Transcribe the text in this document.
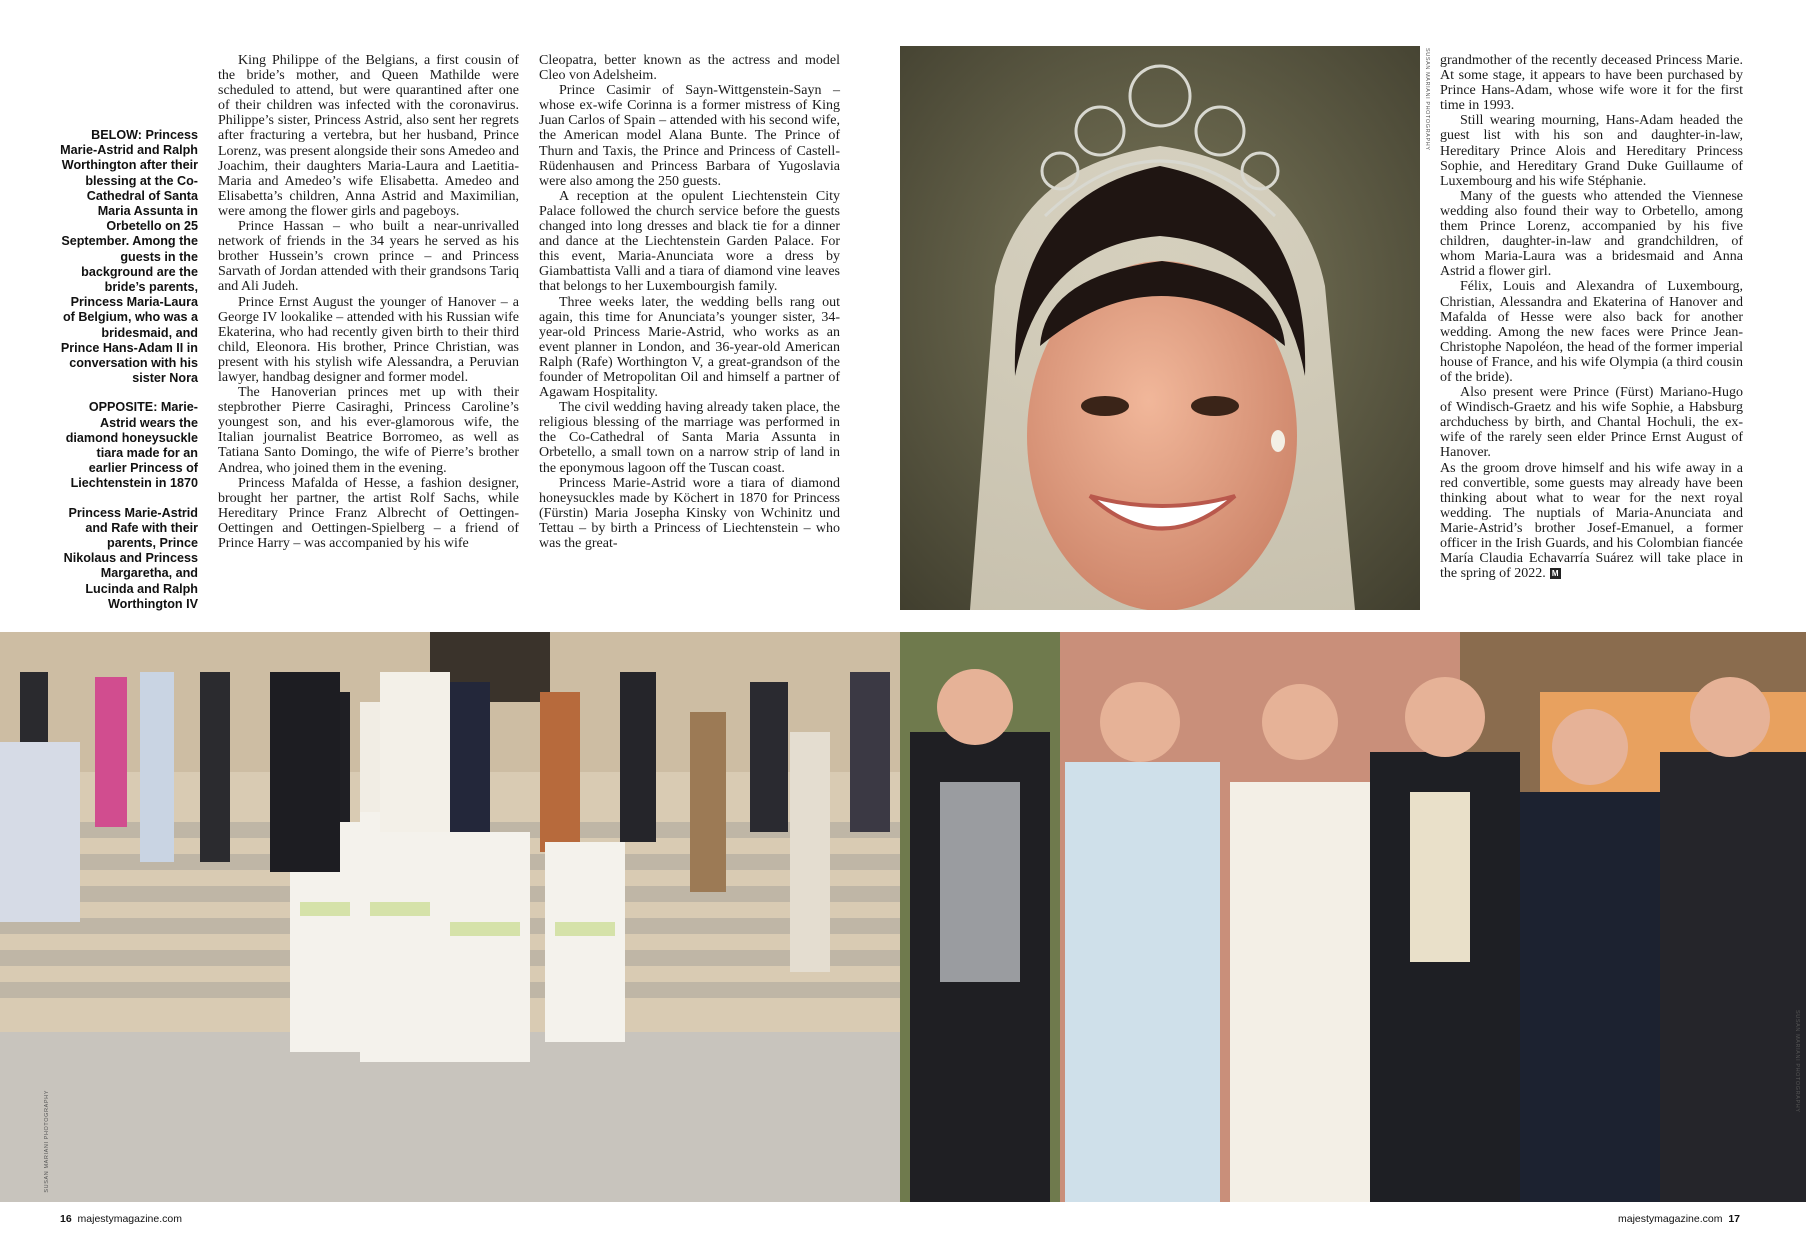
BELOW: Princess Marie-Astrid and Ralph Worthington after their blessing at the Co-Cathedral of Santa Maria Assunta in Orbetello on 25 September. Among the guests in the background are the bride’s parents, Princess Maria-Laura of Belgium, who was a bridesmaid, and Prince Hans-Adam II in conversation with his sister Nora

OPPOSITE: Marie-Astrid wears the diamond honeysuckle tiara made for an earlier Princess of Liechtenstein in 1870

Princess Marie-Astrid and Rafe with their parents, Prince Nikolaus and Princess Margaretha, and Lucinda and Ralph Worthington IV

King Philippe of the Belgians, a first cousin of the bride’s mother, and Queen Mathilde were scheduled to attend, but were quarantined after one of their children was infected with the coronavirus. Philippe’s sister, Princess Astrid, also sent her regrets after fracturing a vertebra, but her husband, Prince Lorenz, was present alongside their sons Amedeo and Joachim, their daughters Maria-Laura and Laetitia-Maria and Amedeo’s wife Elisabetta. Amedeo and Elisabetta’s children, Anna Astrid and Maximilian, were among the flower girls and pageboys.

Prince Hassan – who built a near-unrivalled network of friends in the 34 years he served as his brother Hussein’s crown prince – and Princess Sarvath of Jordan attended with their grandsons Tariq and Ali Judeh.

Prince Ernst August the younger of Hanover – a George IV lookalike – attended with his Russian wife Ekaterina, who had recently given birth to their third child, Eleonora. His brother, Prince Christian, was present with his stylish wife Alessandra, a Peruvian lawyer, handbag designer and former model.

The Hanoverian princes met up with their stepbrother Pierre Casiraghi, Princess Caroline’s youngest son, and his ever-glamorous wife, the Italian journalist Beatrice Borromeo, as well as Tatiana Santo Domingo, the wife of Pierre’s brother Andrea, who joined them in the evening.

Princess Mafalda of Hesse, a fashion designer, brought her partner, the artist Rolf Sachs, while Hereditary Prince Franz Albrecht of Oettingen-Oettingen and Oettingen-Spielberg – a friend of Prince Harry – was accompanied by his wife

Cleopatra, better known as the actress and model Cleo von Adelsheim.

Prince Casimir of Sayn-Wittgenstein-Sayn – whose ex-wife Corinna is a former mistress of King Juan Carlos of Spain – attended with his second wife, the American model Alana Bunte. The Prince of Thurn and Taxis, the Prince and Princess of Castell-Rüdenhausen and Princess Barbara of Yugoslavia were also among the 250 guests.

A reception at the opulent Liechtenstein City Palace followed the church service before the guests changed into long dresses and black tie for a dinner and dance at the Liechtenstein Garden Palace. For this event, Maria-Anunciata wore a dress by Giambattista Valli and a tiara of diamond vine leaves that belongs to her Luxembourgish family.

Three weeks later, the wedding bells rang out again, this time for Anunciata’s younger sister, 34-year-old Princess Marie-Astrid, who works as an event planner in London, and 36-year-old American Ralph (Rafe) Worthington V, a great-grandson of the founder of Metropolitan Oil and himself a partner of Agawam Hospitality.

The civil wedding having already taken place, the religious blessing of the marriage was performed in the Co-Cathedral of Santa Maria Assunta in Orbetello, a small town on a narrow strip of land in the eponymous lagoon off the Tuscan coast.

Princess Marie-Astrid wore a tiara of diamond honeysuckles made by Köchert in 1870 for Princess (Fürstin) Maria Josepha Kinsky von Wchinitz und Tettau – by birth a Princess of Liechtenstein – who was the great-

grandmother of the recently deceased Princess Marie. At some stage, it appears to have been purchased by Prince Hans-Adam, whose wife wore it for the first time in 1993.

Still wearing mourning, Hans-Adam headed the guest list with his son and daughter-in-law, Hereditary Prince Alois and Hereditary Princess Sophie, and Hereditary Grand Duke Guillaume of Luxembourg and his wife Stéphanie.

Many of the guests who attended the Viennese wedding also found their way to Orbetello, among them Prince Lorenz, accompanied by his five children, daughter-in-law and grandchildren, of whom Maria-Laura was a bridesmaid and Anna Astrid a flower girl.

Félix, Louis and Alexandra of Luxembourg, Christian, Alessandra and Ekaterina of Hanover and Mafalda of Hesse were also back for another wedding. Among the new faces were Prince Jean-Christophe Napoléon, the head of the former imperial house of France, and his wife Olympia (a third cousin of the bride).

Also present were Prince (Fürst) Mariano-Hugo of Windisch-Graetz and his wife Sophie, a Habsburg archduchess by birth, and Chantal Hochuli, the ex-wife of the rarely seen elder Prince Ernst August of Hanover.

As the groom drove himself and his wife away in a red convertible, some guests may already have been thinking about what to wear for the next royal wedding. The nuptials of Maria-Anunciata and Marie-Astrid’s brother Josef-Emanuel, a former officer in the Irish Guards, and his Colombian fiancée María Claudia Echavarría Suárez will take place in the spring of 2022. M
SUSAN MARIANI PHOTOGRAPHY
SUSAN MARIANI PHOTOGRAPHY
SUSAN MARIANI PHOTOGRAPHY
16 majestymagazine.com	majestymagazine.com 17
